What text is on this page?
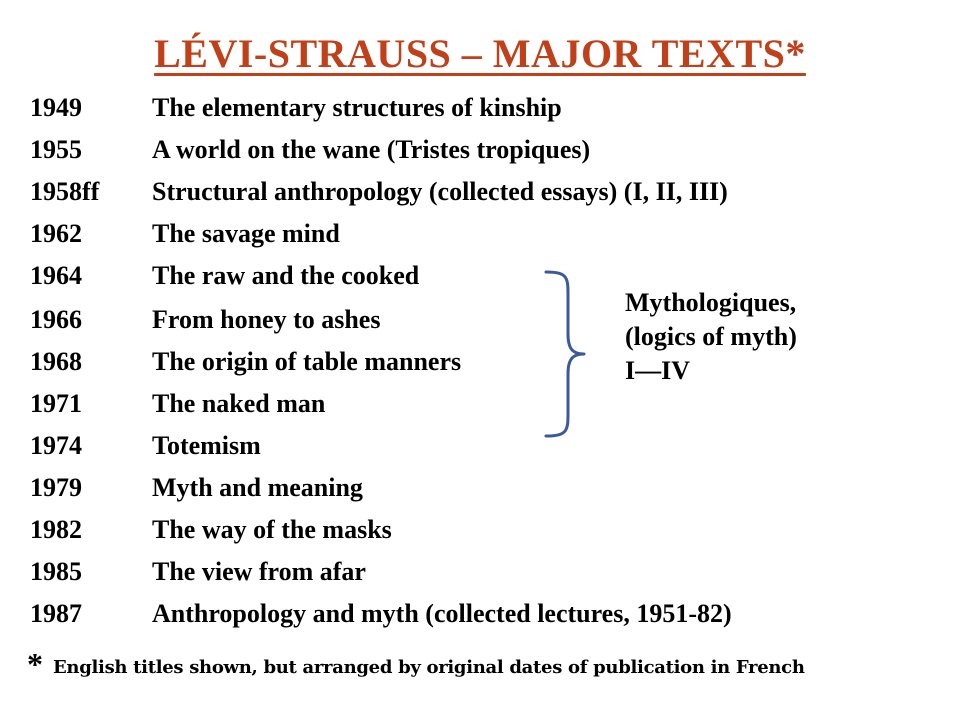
LÉVI-STRAUSS – MAJOR TEXTS*
1949	The elementary structures of kinship
1955	A world on the wane (Tristes tropiques)
1958ff Structural anthropology (collected essays) (I, II, III)
1962	The savage mind
1964	The raw and the cooked
1966	From honey to ashes
1968	The origin of table manners
1971	The naked man
1974	Totemism
1979	Myth and meaning
1982	The way of the masks
1985	The view from afar
1987	Anthropology and myth (collected lectures, 1951-82)
Mythologiques,
(logics of myth)
I—IV
* English titles shown, but arranged by original dates of publication in French
